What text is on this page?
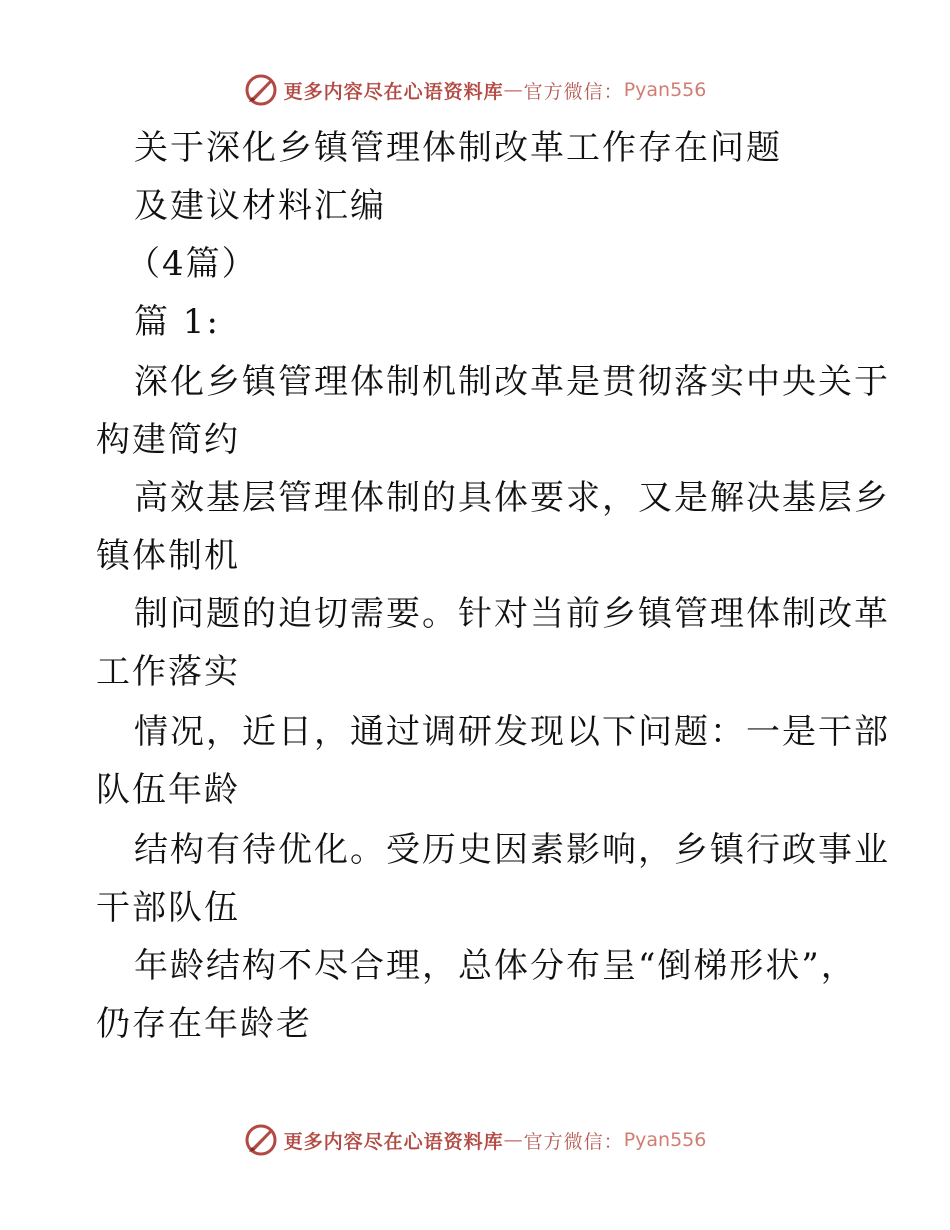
更多内容尽在心语资料库 — 官方微信： Pyan556
关于深化乡镇管理体制改革工作存在问题
及建议材料汇编
（4篇）
篇 1:
深化乡镇管理体制机制改革是贯彻落实中央关于
构建简约
高效基层管理体制的具体要求，又是解决基层乡
镇体制机
制问题的迫切需要。针对当前乡镇管理体制改革
工作落实
情况，近日，通过调研发现以下问题：一是干部
队伍年龄
结构有待优化。受历史因素影响，乡镇行政事业
干部队伍
年龄结构不尽合理，总体分布呈“倒梯形状”，
仍存在年龄老
更多内容尽在心语资料库 — 官方微信： Pyan556
